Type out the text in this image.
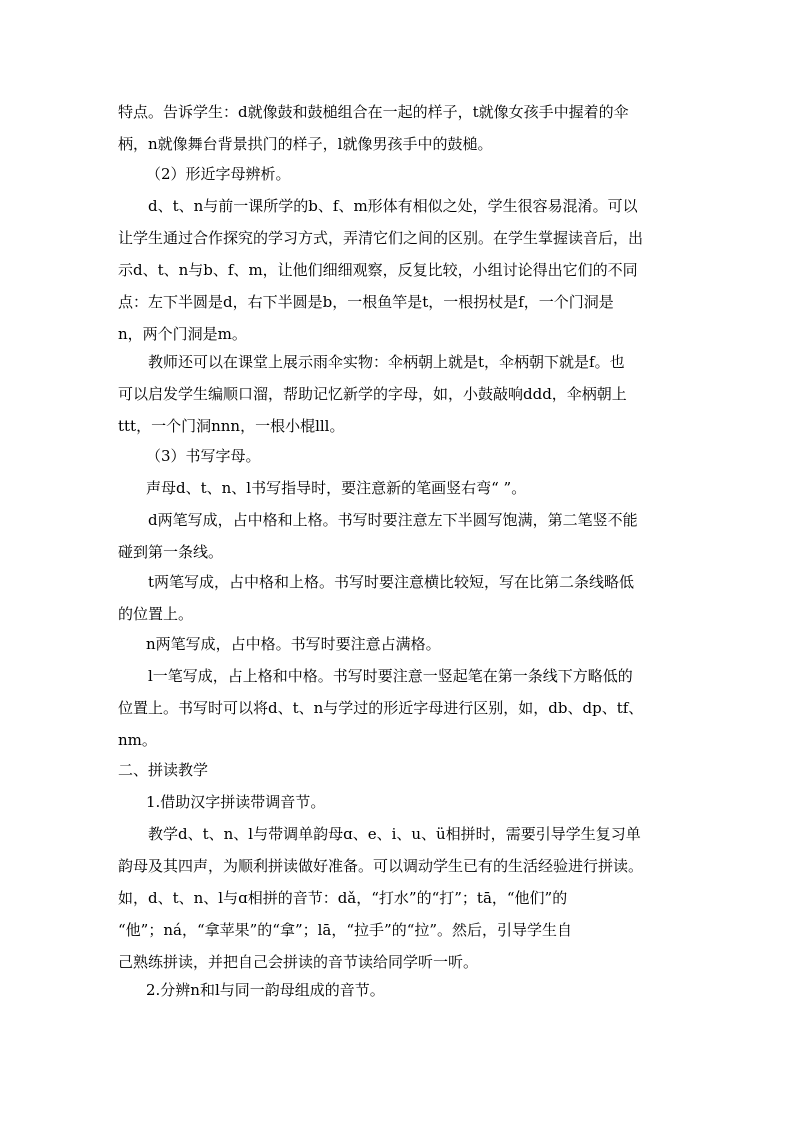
特点。告诉学生：d就像鼓和鼓槌组合在一起的样子，t就像女孩手中握着的伞
柄，n就像舞台背景拱门的样子，l就像男孩手中的鼓槌。

（2）形近字母辨析。

d、t、n与前一课所学的b、f、m形体有相似之处，学生很容易混淆。可以
让学生通过合作探究的学习方式，弄清它们之间的区别。在学生掌握读音后，出
示d、t、n与b、f、m，让他们细细观察，反复比较，小组讨论得出它们的不同
点：左下半圆是d，右下半圆是b，一根鱼竿是t，一根拐杖是f，一个门洞是
n，两个门洞是m。

教师还可以在课堂上展示雨伞实物：伞柄朝上就是t，伞柄朝下就是f。也
可以启发学生编顺口溜，帮助记忆新学的字母，如，小鼓敲响ddd，伞柄朝上
ttt，一个门洞nnn，一根小棍lll。

（3）书写字母。

声母d、t、n、l书写指导时，要注意新的笔画竖右弯“ ”。

d两笔写成，占中格和上格。书写时要注意左下半圆写饱满，第二笔竖不能
碰到第一条线。

t两笔写成，占中格和上格。书写时要注意横比较短，写在比第二条线略低
的位置上。

n两笔写成，占中格。书写时要注意占满格。

l一笔写成，占上格和中格。书写时要注意一竖起笔在第一条线下方略低的
位置上。书写时可以将d、t、n与学过的形近字母进行区别，如，db、dp、tf、
nm。

二、拼读教学

1.借助汉字拼读带调音节。

教学d、t、n、l与带调单韵母ɑ、e、i、u、ü相拼时，需要引导学生复习单
韵母及其四声，为顺利拼读做好准备。可以调动学生已有的生活经验进行拼读。
如，d、t、n、l与ɑ相拼的音节：dǎ，“打水”的“打”；tā，“他们”的
“他”；ná，“拿苹果”的“拿”；lā，“拉手”的“拉”。然后，引导学生自
己熟练拼读，并把自己会拼读的音节读给同学听一听。

2.分辨n和l与同一韵母组成的音节。
